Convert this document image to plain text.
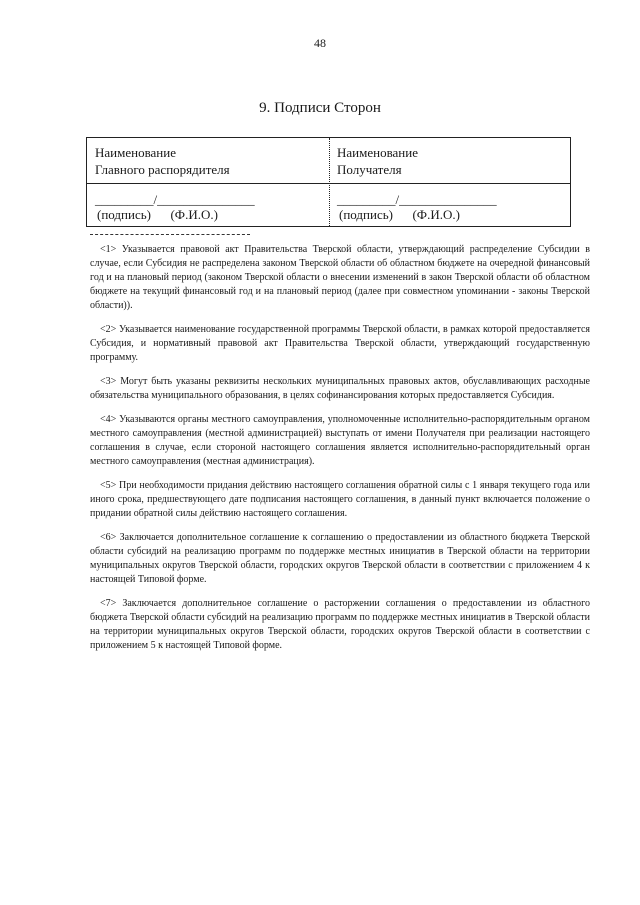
48
9. Подписи Сторон
Наименование
Главного распорядителя
Наименование
Получателя
_________/_______________	_________/_______________
(подпись)      (Ф.И.О.)	(подпись)      (Ф.И.О.)

<1> Указывается правовой акт Правительства Тверской области, утверждающий распределение Субсидии в случае, если Субсидия не распределена законом Тверской области об областном бюджете на очередной финансовый год и на плановый период (законом Тверской области о внесении изменений в закон Тверской области об областном бюджете на текущий финансовый год и на плановый период (далее при совместном упоминании - законы Тверской области)).

<2> Указывается наименование государственной программы Тверской области, в рамках которой предоставляется Субсидия, и нормативный правовой акт Правительства Тверской области, утверждающий государственную программу.

<3> Могут быть указаны реквизиты нескольких муниципальных правовых актов, обуславливающих расходные обязательства муниципального образования, в целях софинансирования которых предоставляется Субсидия.

<4> Указываются органы местного самоуправления, уполномоченные исполнительно-распорядительным органом местного самоуправления (местной администрацией) выступать от имени Получателя при реализации настоящего соглашения в случае, если стороной настоящего соглашения является исполнительно-распорядительный орган местного самоуправления (местная администрация).

<5> При необходимости придания действию настоящего соглашения обратной силы с 1 января текущего года или иного срока, предшествующего дате подписания настоящего соглашения, в данный пункт включается положение о придании обратной силы действию настоящего соглашения.

<6> Заключается дополнительное соглашение к соглашению о предоставлении из областного бюджета Тверской области субсидий на реализацию программ по поддержке местных инициатив в Тверской области на территории муниципальных округов Тверской области, городских округов Тверской области в соответствии с приложением 4 к настоящей Типовой форме.

<7> Заключается дополнительное соглашение о расторжении соглашения о предоставлении из областного бюджета Тверской области субсидий на реализацию программ по поддержке местных инициатив в Тверской области на территории муниципальных округов Тверской области, городских округов Тверской области в соответствии с приложением 5 к настоящей Типовой форме.
